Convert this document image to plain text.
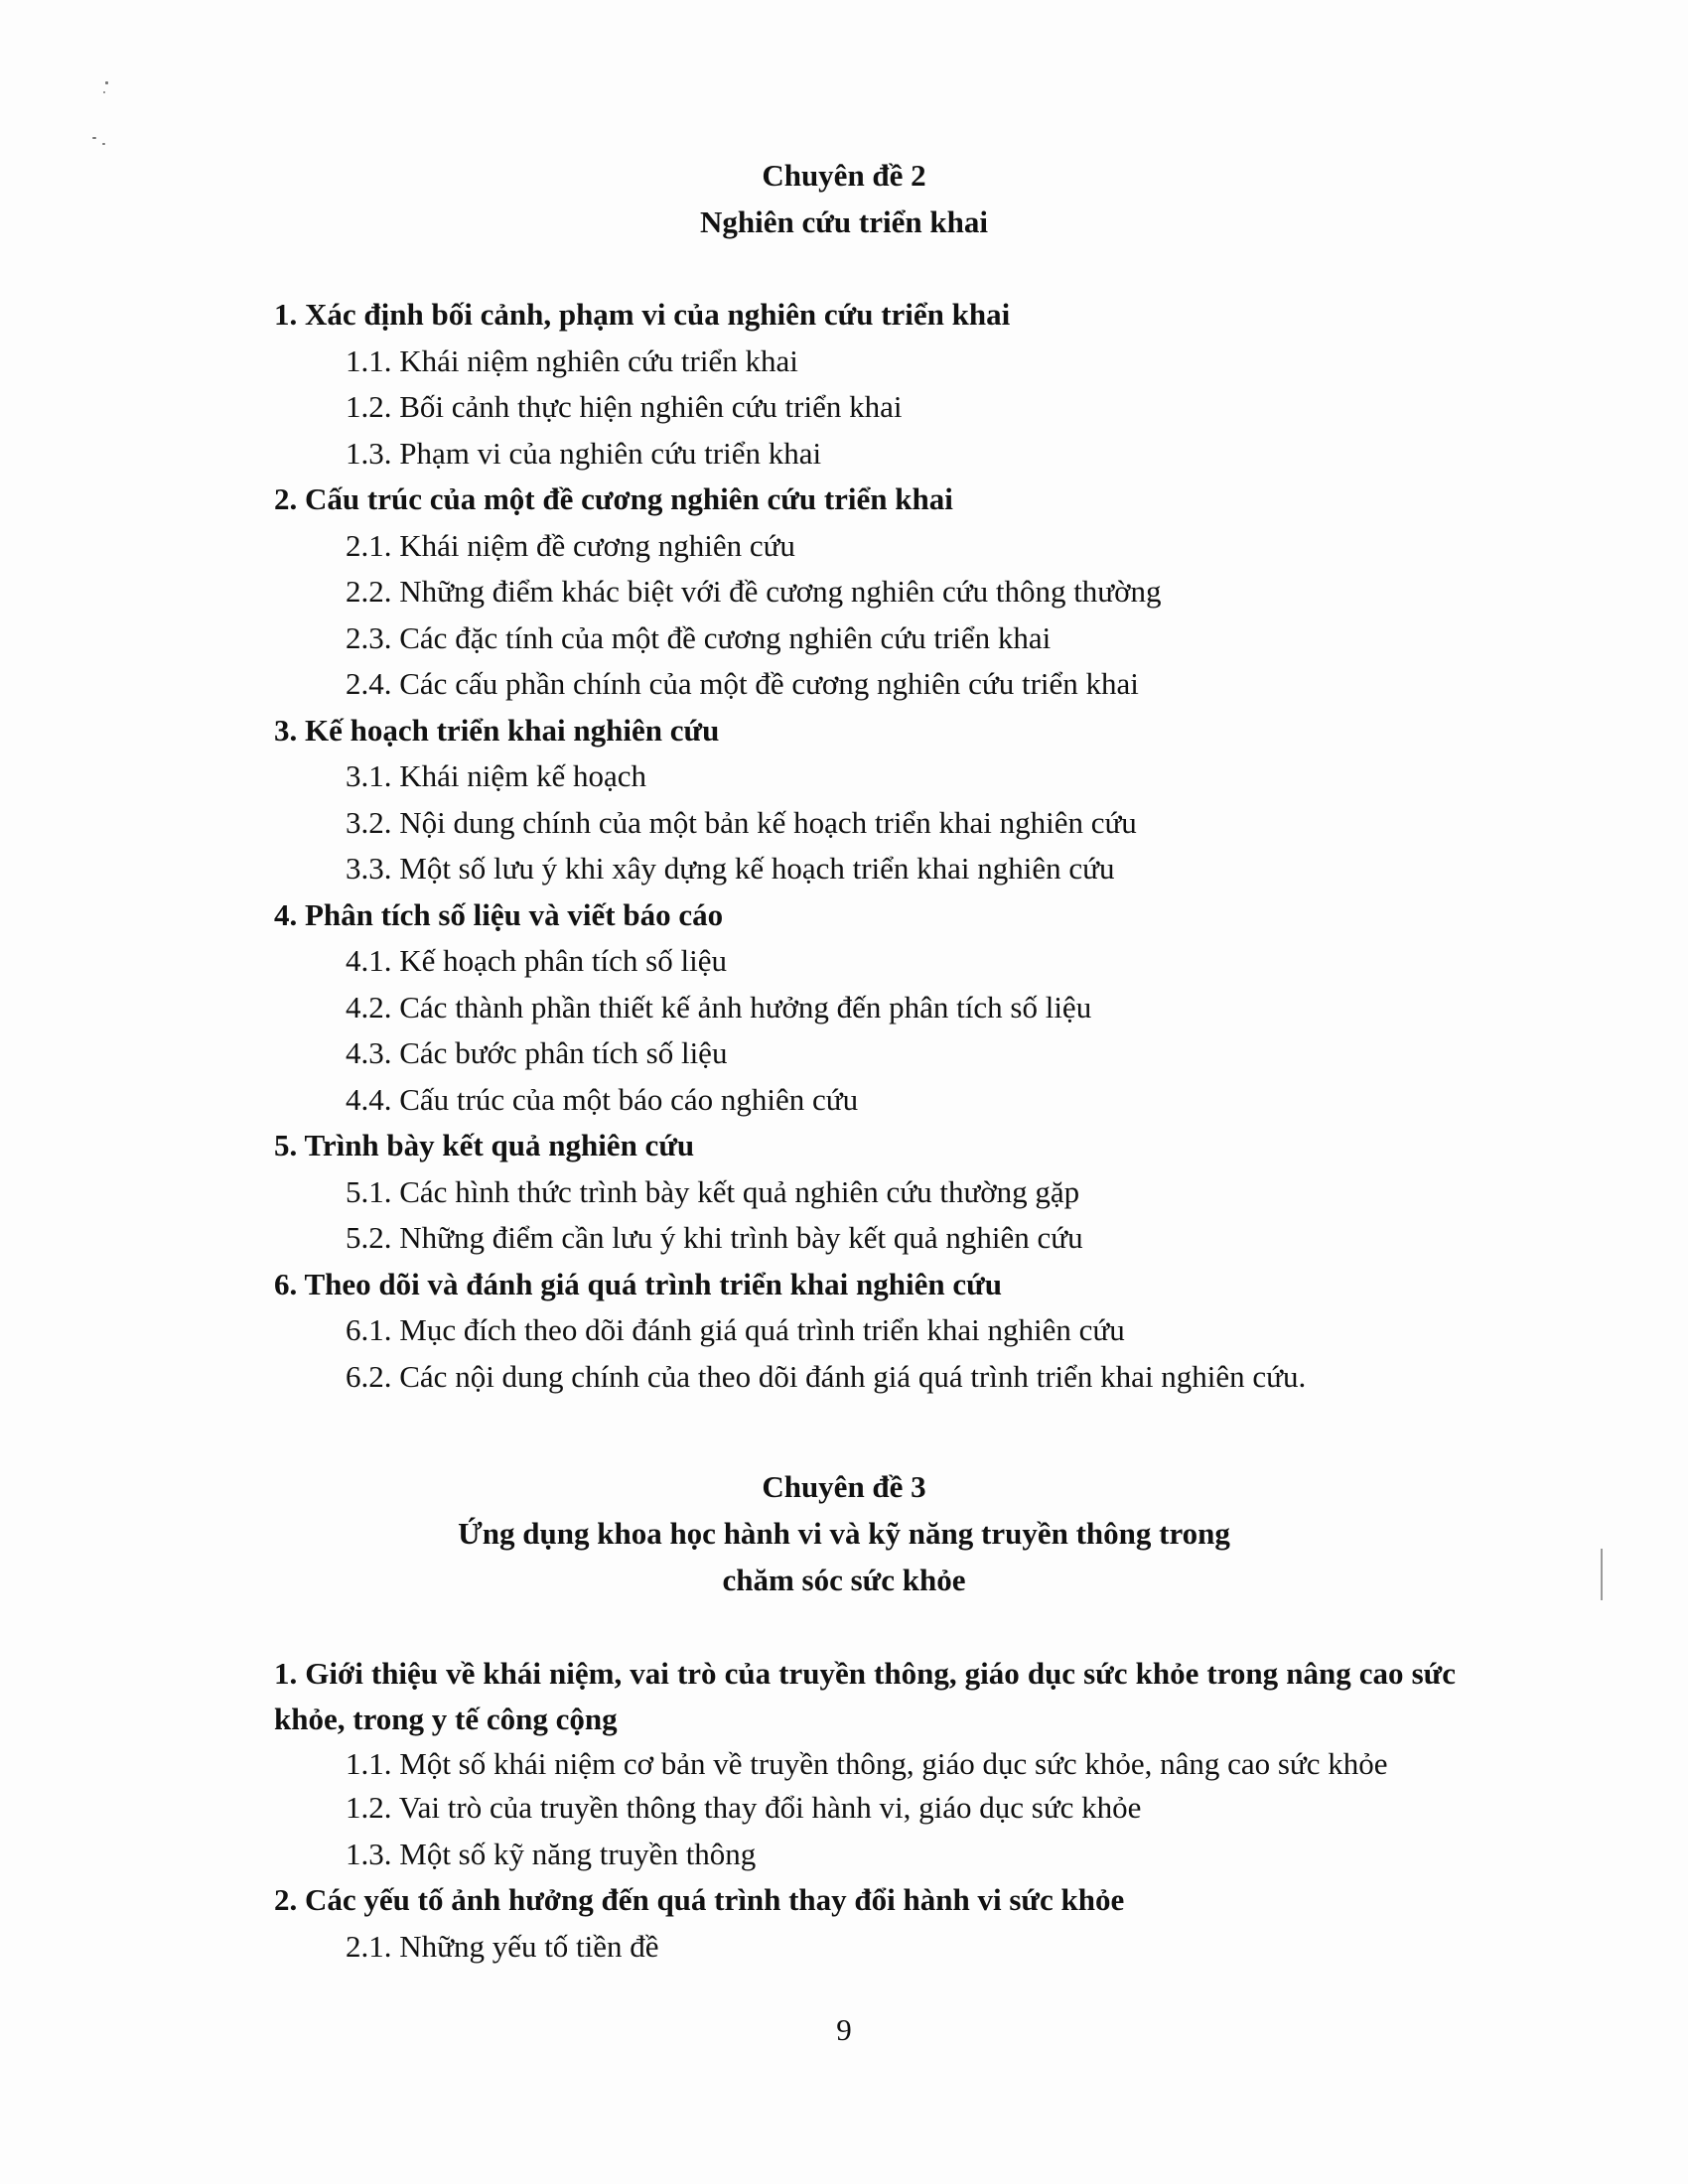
Chuyên đề 2
Nghiên cứu triển khai
1. Xác định bối cảnh, phạm vi của nghiên cứu triển khai
1.1. Khái niệm nghiên cứu triển khai
1.2. Bối cảnh thực hiện nghiên cứu triển khai
1.3. Phạm vi của nghiên cứu triển khai
2. Cấu trúc của một đề cương nghiên cứu triển khai
2.1. Khái niệm đề cương nghiên cứu
2.2. Những điểm khác biệt với đề cương nghiên cứu thông thường
2.3. Các đặc tính của một đề cương nghiên cứu triển khai
2.4. Các cấu phần chính của một đề cương nghiên cứu triển khai
3. Kế hoạch triển khai nghiên cứu
3.1. Khái niệm kế hoạch
3.2. Nội dung chính của một bản kế hoạch triển khai nghiên cứu
3.3. Một số lưu ý khi xây dựng kế hoạch triển khai nghiên cứu
4. Phân tích số liệu và viết báo cáo
4.1. Kế hoạch phân tích số liệu
4.2. Các thành phần thiết kế ảnh hưởng đến phân tích số liệu
4.3. Các bước phân tích số liệu
4.4. Cấu trúc của một báo cáo nghiên cứu
5. Trình bày kết quả nghiên cứu
5.1. Các hình thức trình bày kết quả nghiên cứu thường gặp
5.2. Những điểm cần lưu ý khi trình bày kết quả nghiên cứu
6. Theo dõi và đánh giá quá trình triển khai nghiên cứu
6.1. Mục đích theo dõi đánh giá quá trình triển khai nghiên cứu
6.2. Các nội dung chính của theo dõi đánh giá quá trình triển khai nghiên cứu.
Chuyên đề 3
Ứng dụng khoa học hành vi và kỹ năng truyền thông trong
chăm sóc sức khỏe
1. Giới thiệu về khái niệm, vai trò của truyền thông, giáo dục sức khỏe trong nâng cao sức khỏe, trong y tế công cộng
1.1. Một số khái niệm cơ bản về truyền thông, giáo dục sức khỏe, nâng cao sức khỏe
1.2. Vai trò của truyền thông thay đổi hành vi, giáo dục sức khỏe
1.3. Một số kỹ năng truyền thông
2. Các yếu tố ảnh hưởng đến quá trình thay đổi hành vi sức khỏe
2.1. Những yếu tố tiền đề
9
